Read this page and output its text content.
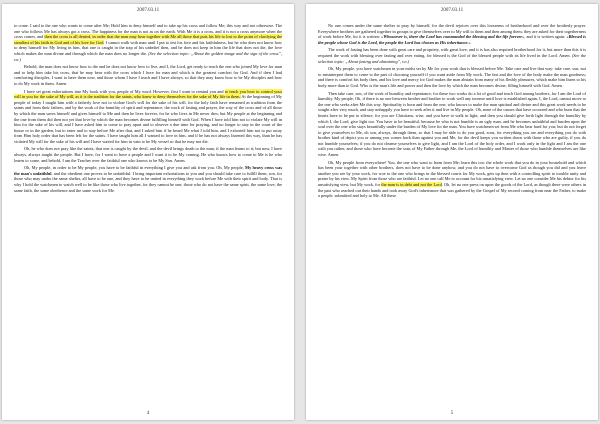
2007.03.11

to come. I said to the one who wants to come after Me; Hold him to deny himself and to take up his cross and follow Me; this way and not otherwise. The one who follows Me has always got a cross. The happiness for the man is not as on the earth. With Me it is a cross, and it is not a cross anymore when the cross comes, and then the cross is all denied, in order that the man may bear together with Me all those that puts his life to lost to the point of clarifying the steadfast of his faith in God and of his love for God. I cannot walk with man until I put to test his love and his faithfulness, but he who does not know how to deny himself for My living in him, that one is caught in the trap of his unbelief then, and he does not keep in him the life that does not die, the love which makes the man divine and through which the man does no longer die. (See the selection topic: „About the golden image and the sign of the cross”, r.n.)

Behold, the man does not know how to die and he does not know how to live, and I, the Lord, get ready to teach the one who joined My love for man and to help him take his cross, that he may bear with the cross which I bore for man and which is the greatest comfort for God. And if then I had comforting disciples, I want to have them now, and those whom I have I teach and I have always, so that they may know how to be My disciples and how to do My work in them. Amen.

I have set great exhortations into My book with you, people of My word. However, first I want to remind you and to teach you how to control your will in you for the sake of My will, as it is the tradition for the saints, who knew to deny themselves for the sake of My life in them. At the beginning of My people of today I taught him with a fatherly love not to violate God's will for the sake of his will, for the holy faith have remained as tradition from the saints and from their fathers, and by the work of the humility of spirit and repentance, the work of fasting and prayer, the way of the cross and of all those by which the man saves himself and gives himself to Me and then he lives forever, for he who lives in Me never dies; but My people at the beginning and the one from them did then not yet that love by which the man becomes divine fulfilling himself with God. When I have told him not to violate My will in him for the sake of his will, and I have asked him to come to pray apart and to observe a due time for praying, and no longer to stay in the court of the house or in the garden, but to enter and to stay before Me after that, and I asked him if he heard Me what I told him, and I exhorted him not to put away from Him holy order that has been left for the saints. I have taught him all I wanted to love in him, and if he has not always listened this way, than he has violated My will for the sake of his will and I have waited for him in vain to be My vessel so that he may not die.

Oh, he who does not pray like the saints, that one is caught by the devil, and the devil brings death to the man, if the man learns to it; but now, I have always, always taught the people. But I have, for I want to have a people and I want it to be My coming. He who knows how to come to Me is he who learns to come, and behold, I am the Teacher over the faithful one who knows to be My Son. Amen.

Oh, My people, in order to be My people, you have to be faithful in everything I give you and ask from you. Oh, My people, My heavy cross was the man's unfaithful, and the obedient one proves to be unfaithful. I bring important exhortations to you and you should take care to fulfill them, son, for those who may under the same shelter, all have to be one, and they have to be united in everything they work before Me with their spirit and body. That is why I hold the watchmen to watch well to be like those who live together, for they cannot be one, those who do not have the same spirit, the same love, the same faith, the same obedience and the same work for Me.

4
2007.03.11

No one comes under the same shelter to pray by himself, for the devil rejoices over this looseness of brotherhood and over the brotherly prayer. Everywhere brothers are gathered together in groups to give themselves over to My will to them and then among them, they are asked for their togetherness of work before Me, for it is written: «Whosoever is, there the Lord has commanded the blessing and the life forever», and it is written again: «Blessed is the people whose God is the Lord, the people the Lord has chosen as His inheritance.»

The work of fasting has been done with great care and propriety, with great love, and it is has also required brotherhood for it, but more than this it is required the work with blessing over fasting and over eating, for blessed is the God of the blessed people with its life lived in the Lord. Amen. (See the selection topic: „About fasting and abstaining”, r.n.)

Oh, My people, you have watchmen in your midst set by Me for your work that is blessed before Me. Take care and live that way: take care, son, not to misinterpret them to come to the part of choosing yourself if you want aside from My work. The fast and the love of the body make the man goodness; and there is comfort his body then, and his love and mercy for God makes the man abstain from many of his fleshly pleasures, which make him listen to his body more than to God. Who is the man's life and power and then the love by which the man becomes divine, filling himself with God. Amen.

Then take care, son, of the work of humility and repentance, for these two works do a lot of good and teach God among brothers, for I am the Lord of humility. My people, Oh, if there is no one between brother and brother to work well any incense until love is established again, I, the Lord, cannot move to the one who seeks after Me this way. Spirituality is born and from the one, who knows to make the man spiritual and divine and this great work needs to be sought after very much, and stay unhappily you have to seek after it and live in My people. Oh, none of the causes that have occurred and who burn that the hearts have to be put to silence, for you are Christians, wise, and you have to walk in light, and then you should give forth light through the humility by which I, the Lord, give light too. You have to be beautiful, because he who is not humble is an ugly man, and he becomes unfaithful and burden upon the soul over the one who stays beautifully under the burden of My love for the man. You have watchmen set from Me who bear hard for you; but do not forget to give yourselves to Me, oh son, always, through them, so that I may be able to do you good, sons, for everything you are and everything you do with brother kind of depict you or among you comes back than against you and Me, for the devil keeps you written down with those who are guilty, if you do not humble yourselves; if you do not cleanse yourselves to give light, and I am the Lord of the holy order, and I work only in the light and I am the one with you rather, and those who have become the sons of My Father through Me, the Lord of humility and Master of those who humble themselves are like wise. Amen.

Oh, My people from everywhere! You, the one who want to learn from Me; learn this too: the whole work that you do in your household and which has been your together with other brothers, does not have to be done anyhow, and you do not have to overcome God as though you did and you leave another you see by your work, for woe to the one who brings in the blessed courts for My work, gets up then with a controlling spirit to trouble unity and praise by his view. My Spirit from those who are faithful. Let no one call Me to account for his unsatisfying view. Let no one consider Me his debtor for his unsatisfying view, but My work, for the man is in debt and not the Lord. Oh, let no one press on upon the goods of the Lord, as though there were others in the past who reached out their hands and took away God's inheritance that was gathered by the Gospel of My second coming from near the Father, to make a people, submitted and holy to Me. All these

5
